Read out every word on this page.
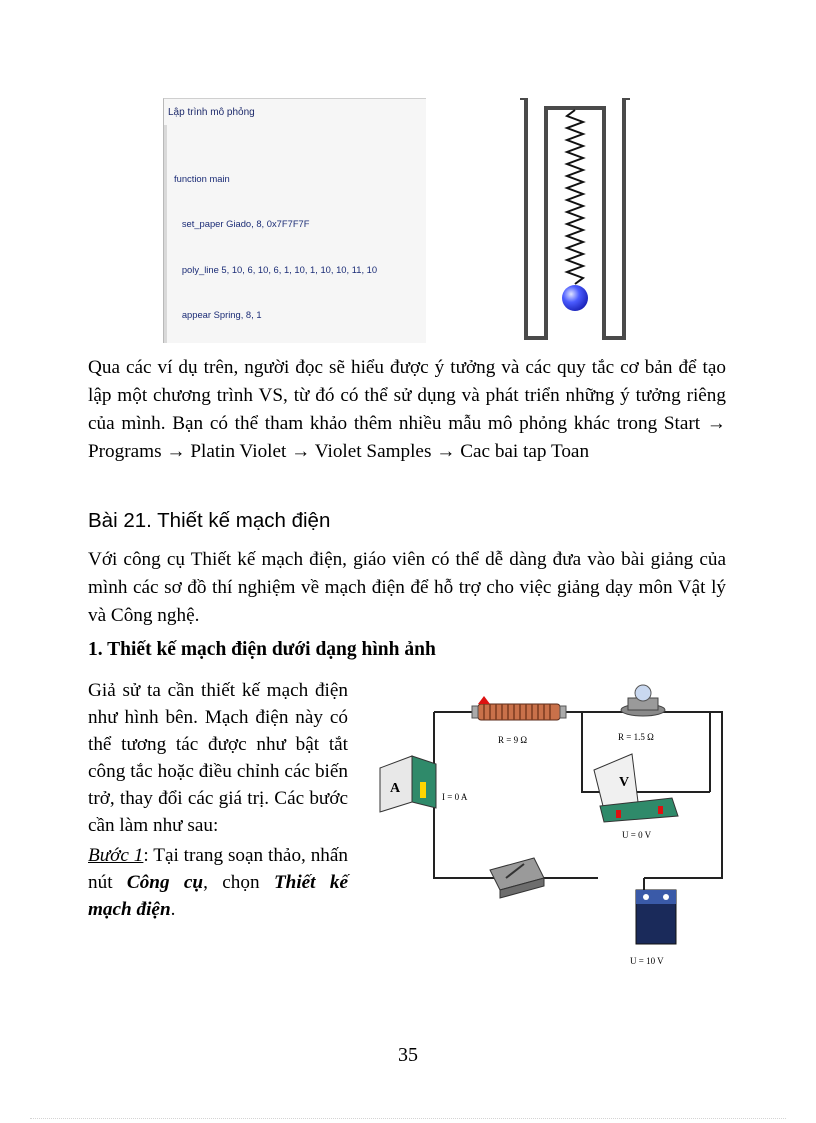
Lập trình mô phỏng

function main

set_paper Giado, 8, 0x7F7F7F

poly_line 5, 10, 6, 10, 6, 1, 10, 1, 10, 10, 11, 10

appear Spring, 8, 1

Qua các ví dụ trên, người đọc sẽ hiểu được ý tưởng và các quy tắc cơ bản để tạo lập một chương trình VS, từ đó có thể sử dụng và phát triển những ý tưởng riêng của mình. Bạn có thể tham khảo thêm nhiều mẫu mô phỏng khác trong Start → Programs → Platin Violet → Violet Samples → Cac bai tap Toan

Bài 21. Thiết kế mạch điện

Với công cụ Thiết kế mạch điện, giáo viên có thể dễ dàng đưa vào bài giảng của mình các sơ đồ thí nghiệm về mạch điện để hỗ trợ cho việc giảng dạy môn Vật lý và Công nghệ.

1. Thiết kế mạch điện dưới dạng hình ảnh

Giả sử ta cần thiết kế mạch điện như hình bên. Mạch điện này có thể tương tác được như bật tắt công tắc hoặc điều chỉnh các biến trở, thay đổi các giá trị. Các bước cần làm như sau:

Bước 1: Tại trang soạn thảo, nhấn nút Công cụ, chọn Thiết kế mạch điện.

R = 9 Ω	R = 1.5 Ω
A
I = 0 A
V
U = 0 V
U = 10 V
35
